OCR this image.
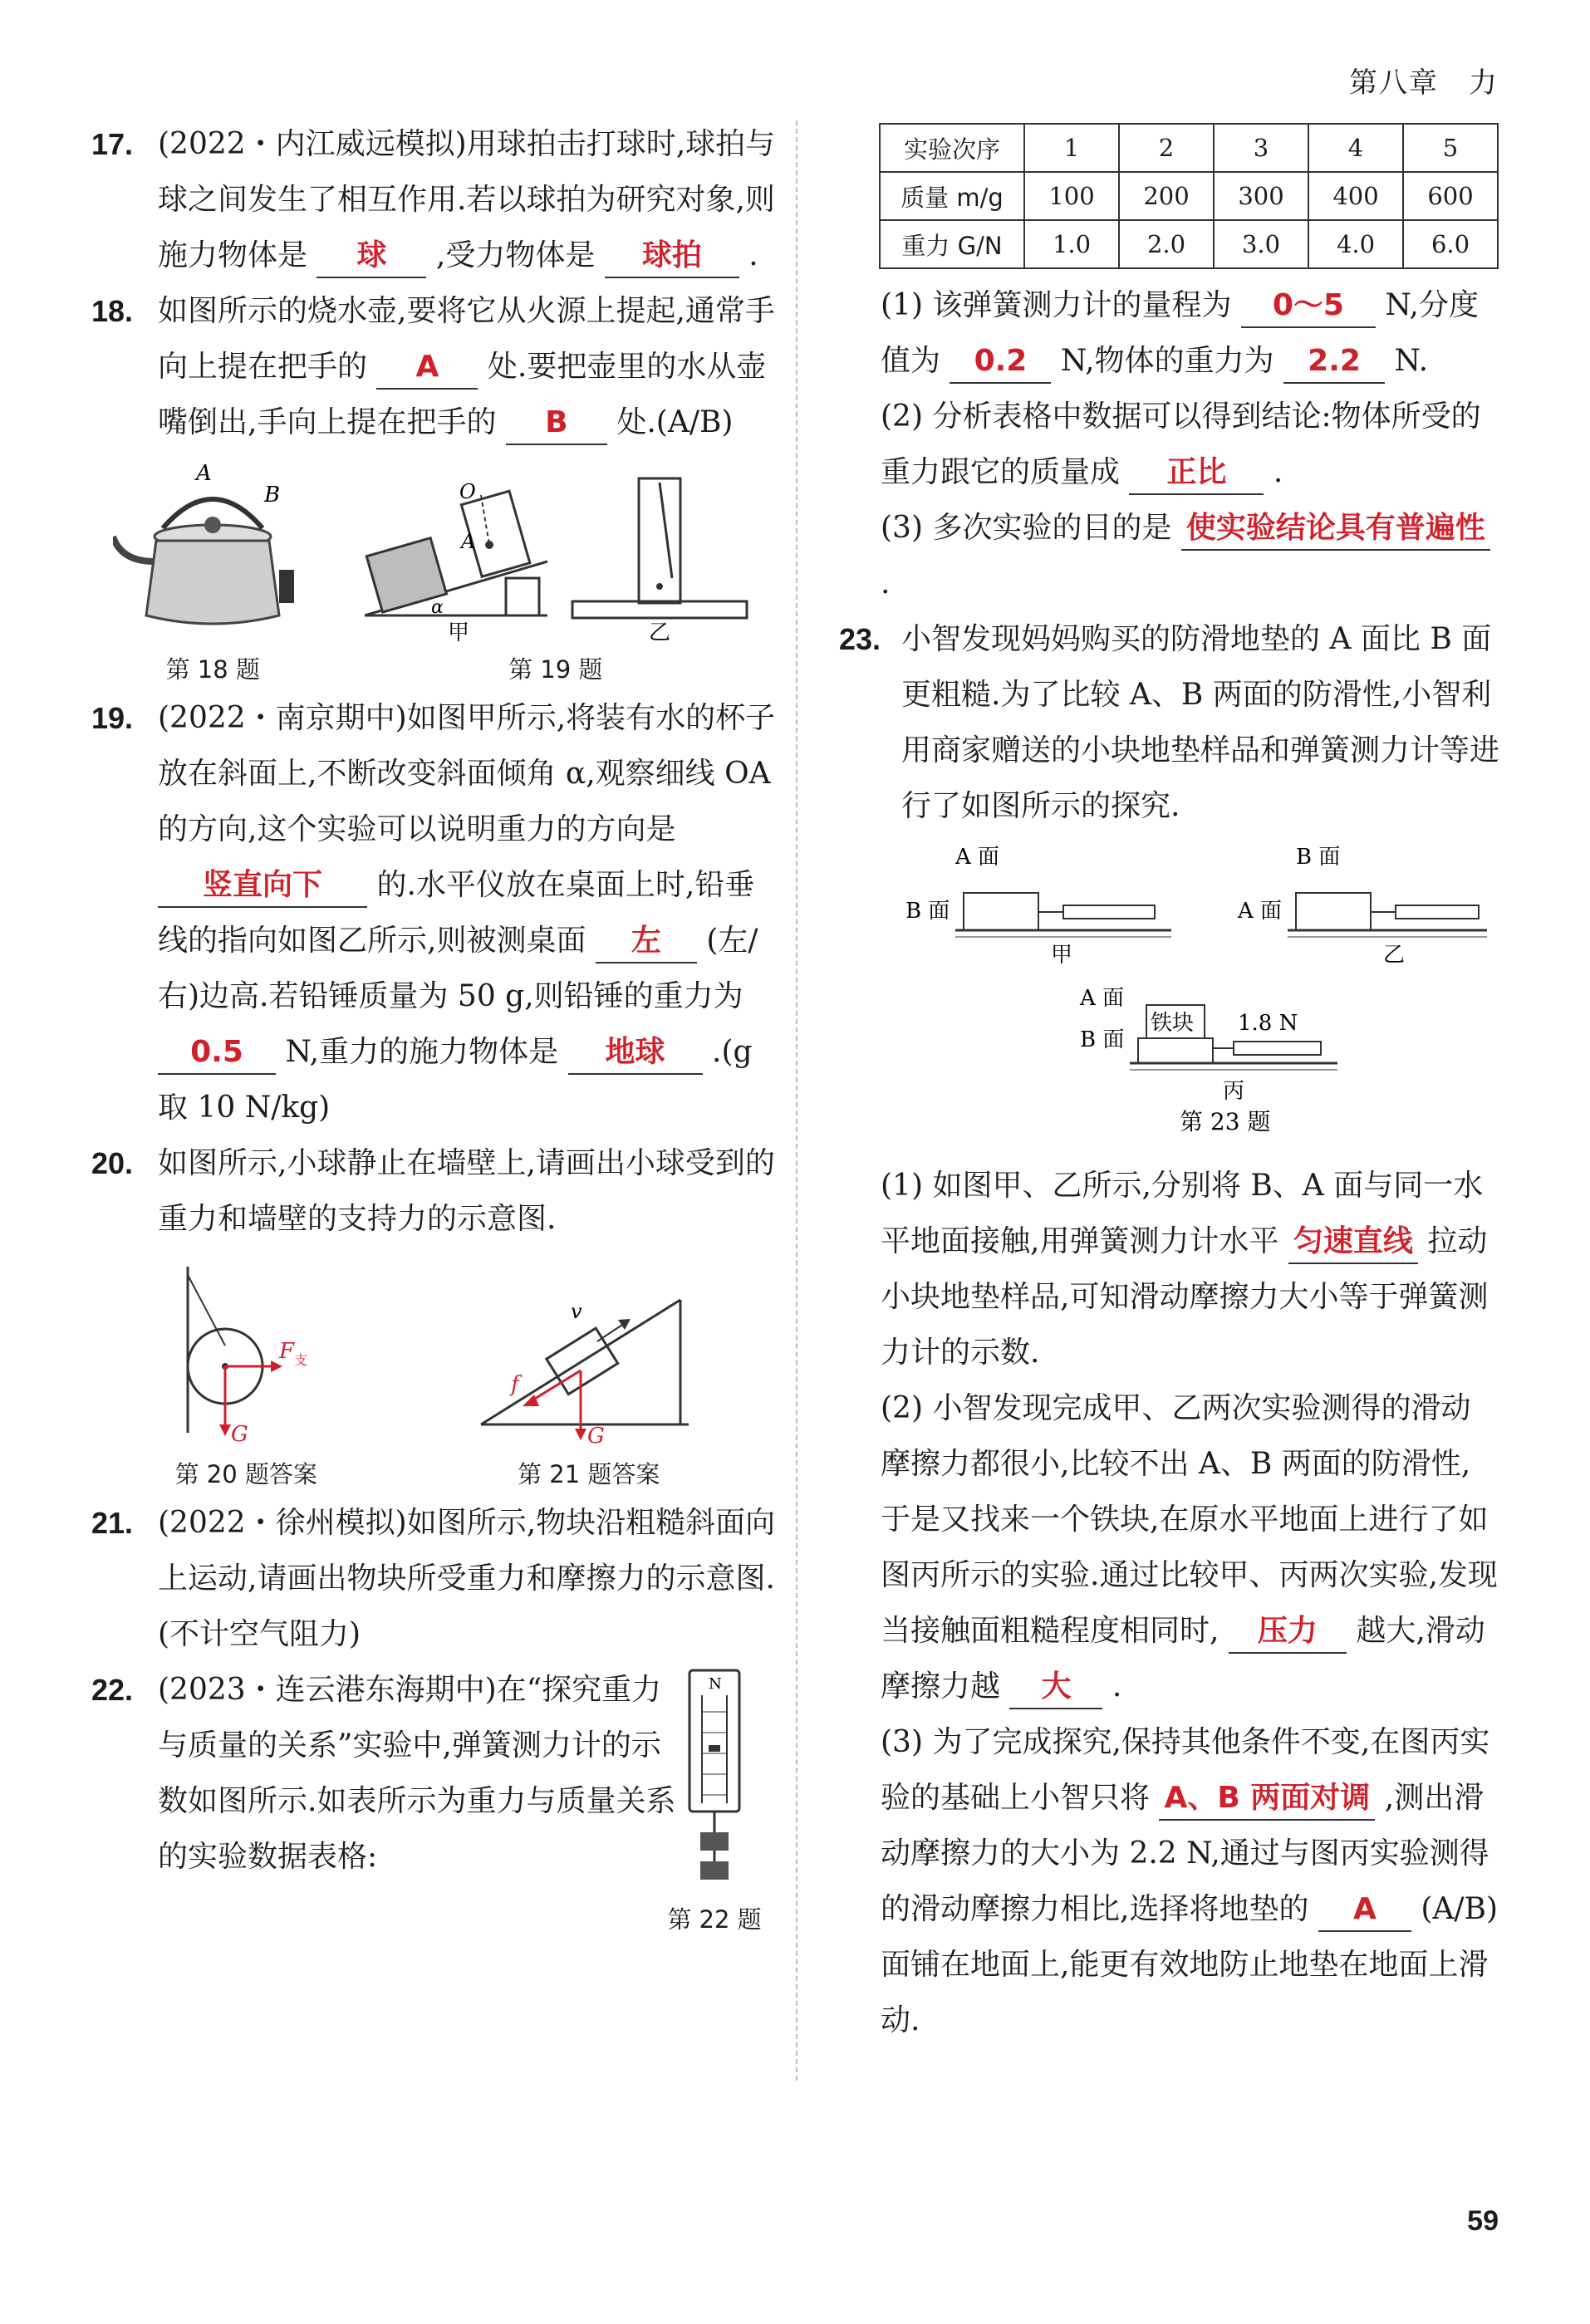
第八章　力

17. (2022・内江威远模拟)用球拍击打球时,球拍与球之间发生了相互作用.若以球拍为研究对象,则施力物体是 球 ,受力物体是 球拍 .

18. 如图所示的烧水壶,要将它从火源上提起,通常手向上提在把手的 A 处.要把壶里的水从壶嘴倒出,手向上提在把手的 B 处.(A/B)

A
B
第 18 题
O
A
α
甲	乙
第 19 题

19. (2022・南京期中)如图甲所示,将装有水的杯子放在斜面上,不断改变斜面倾角 α,观察细线 OA 的方向,这个实验可以说明重力的方向是 竖直向下 的.水平仪放在桌面上时,铅垂线的指向如图乙所示,则被测桌面 左 (左/右)边高.若铅锤质量为 50 g,则铅锤的重力为 0.5 N,重力的施力物体是 地球 .(g 取 10 N/kg)

20. 如图所示,小球静止在墙壁上,请画出小球受到的重力和墙壁的支持力的示意图.

F 支
G
第 20 题答案
v
f
G
第 21 题答案

21. (2022・徐州模拟)如图所示,物块沿粗糙斜面向上运动,请画出物块所受重力和摩擦力的示意图.(不计空气阻力)

22. (2023・连云港东海期中)在“探究重力与质量的关系”实验中,弹簧测力计的示数如图所示.如表所示为重力与质量关系的实验数据表格:

N
第 22 题
实验次序	1	2	3	4	5
质量 m/g	100	200	300	400	600
重力 G/N	1.0	2.0	3.0	4.0	6.0

(1) 该弹簧测力计的量程为 0～5 N,分度值为 0.2 N,物体的重力为 2.2 N.

(2) 分析表格中数据可以得到结论:物体所受的重力跟它的质量成 正比 .

(3) 多次实验的目的是 使实验结论具有普遍性 .

23. 小智发现妈妈购买的防滑地垫的 A 面比 B 面更粗糙.为了比较 A、B 两面的防滑性,小智利用商家赠送的小块地垫样品和弹簧测力计等进行了如图所示的探究.

A 面
B 面
甲
B 面
A 面
乙
A 面
B 面
铁块 1.8 N
丙
第 23 题

(1) 如图甲、乙所示,分别将 B、A 面与同一水平地面接触,用弹簧测力计水平 匀速直线 拉动小块地垫样品,可知滑动摩擦力大小等于弹簧测力计的示数.

(2) 小智发现完成甲、乙两次实验测得的滑动摩擦力都很小,比较不出 A、B 两面的防滑性,于是又找来一个铁块,在原水平地面上进行了如图丙所示的实验.通过比较甲、丙两次实验,发现当接触面粗糙程度相同时, 压力 越大,滑动摩擦力越 大 .

(3) 为了完成探究,保持其他条件不变,在图丙实验的基础上小智只将 A、B 两面对调 ,测出滑动摩擦力的大小为 2.2 N,通过与图丙实验测得的滑动摩擦力相比,选择将地垫的 A (A/B)面铺在地面上,能更有效地防止地垫在地面上滑动.

59
